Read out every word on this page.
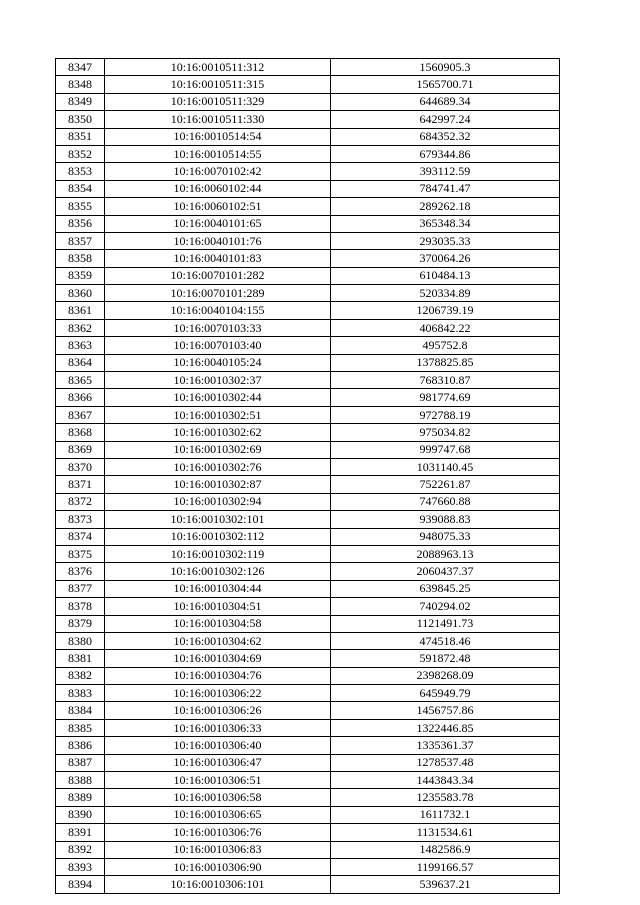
8347	10:16:0010511:312	1560905.3
8348	10:16:0010511:315	1565700.71
8349	10:16:0010511:329	644689.34
8350	10:16:0010511:330	642997.24
8351	10:16:0010514:54	684352.32
8352	10:16:0010514:55	679344.86
8353	10:16:0070102:42	393112.59
8354	10:16:0060102:44	784741.47
8355	10:16:0060102:51	289262.18
8356	10:16:0040101:65	365348.34
8357	10:16:0040101:76	293035.33
8358	10:16:0040101:83	370064.26
8359	10:16:0070101:282	610484.13
8360	10:16:0070101:289	520334.89
8361	10:16:0040104:155	1206739.19
8362	10:16:0070103:33	406842.22
8363	10:16:0070103:40	495752.8
8364	10:16:0040105:24	1378825.85
8365	10:16:0010302:37	768310.87
8366	10:16:0010302:44	981774.69
8367	10:16:0010302:51	972788.19
8368	10:16:0010302:62	975034.82
8369	10:16:0010302:69	999747.68
8370	10:16:0010302:76	1031140.45
8371	10:16:0010302:87	752261.87
8372	10:16:0010302:94	747660.88
8373	10:16:0010302:101	939088.83
8374	10:16:0010302:112	948075.33
8375	10:16:0010302:119	2088963.13
8376	10:16:0010302:126	2060437.37
8377	10:16:0010304:44	639845.25
8378	10:16:0010304:51	740294.02
8379	10:16:0010304:58	1121491.73
8380	10:16:0010304:62	474518.46
8381	10:16:0010304:69	591872.48
8382	10:16:0010304:76	2398268.09
8383	10:16:0010306:22	645949.79
8384	10:16:0010306:26	1456757.86
8385	10:16:0010306:33	1322446.85
8386	10:16:0010306:40	1335361.37
8387	10:16:0010306:47	1278537.48
8388	10:16:0010306:51	1443843.34
8389	10:16:0010306:58	1235583.78
8390	10:16:0010306:65	1611732.1
8391	10:16:0010306:76	1131534.61
8392	10:16:0010306:83	1482586.9
8393	10:16:0010306:90	1199166.57
8394	10:16:0010306:101	539637.21
